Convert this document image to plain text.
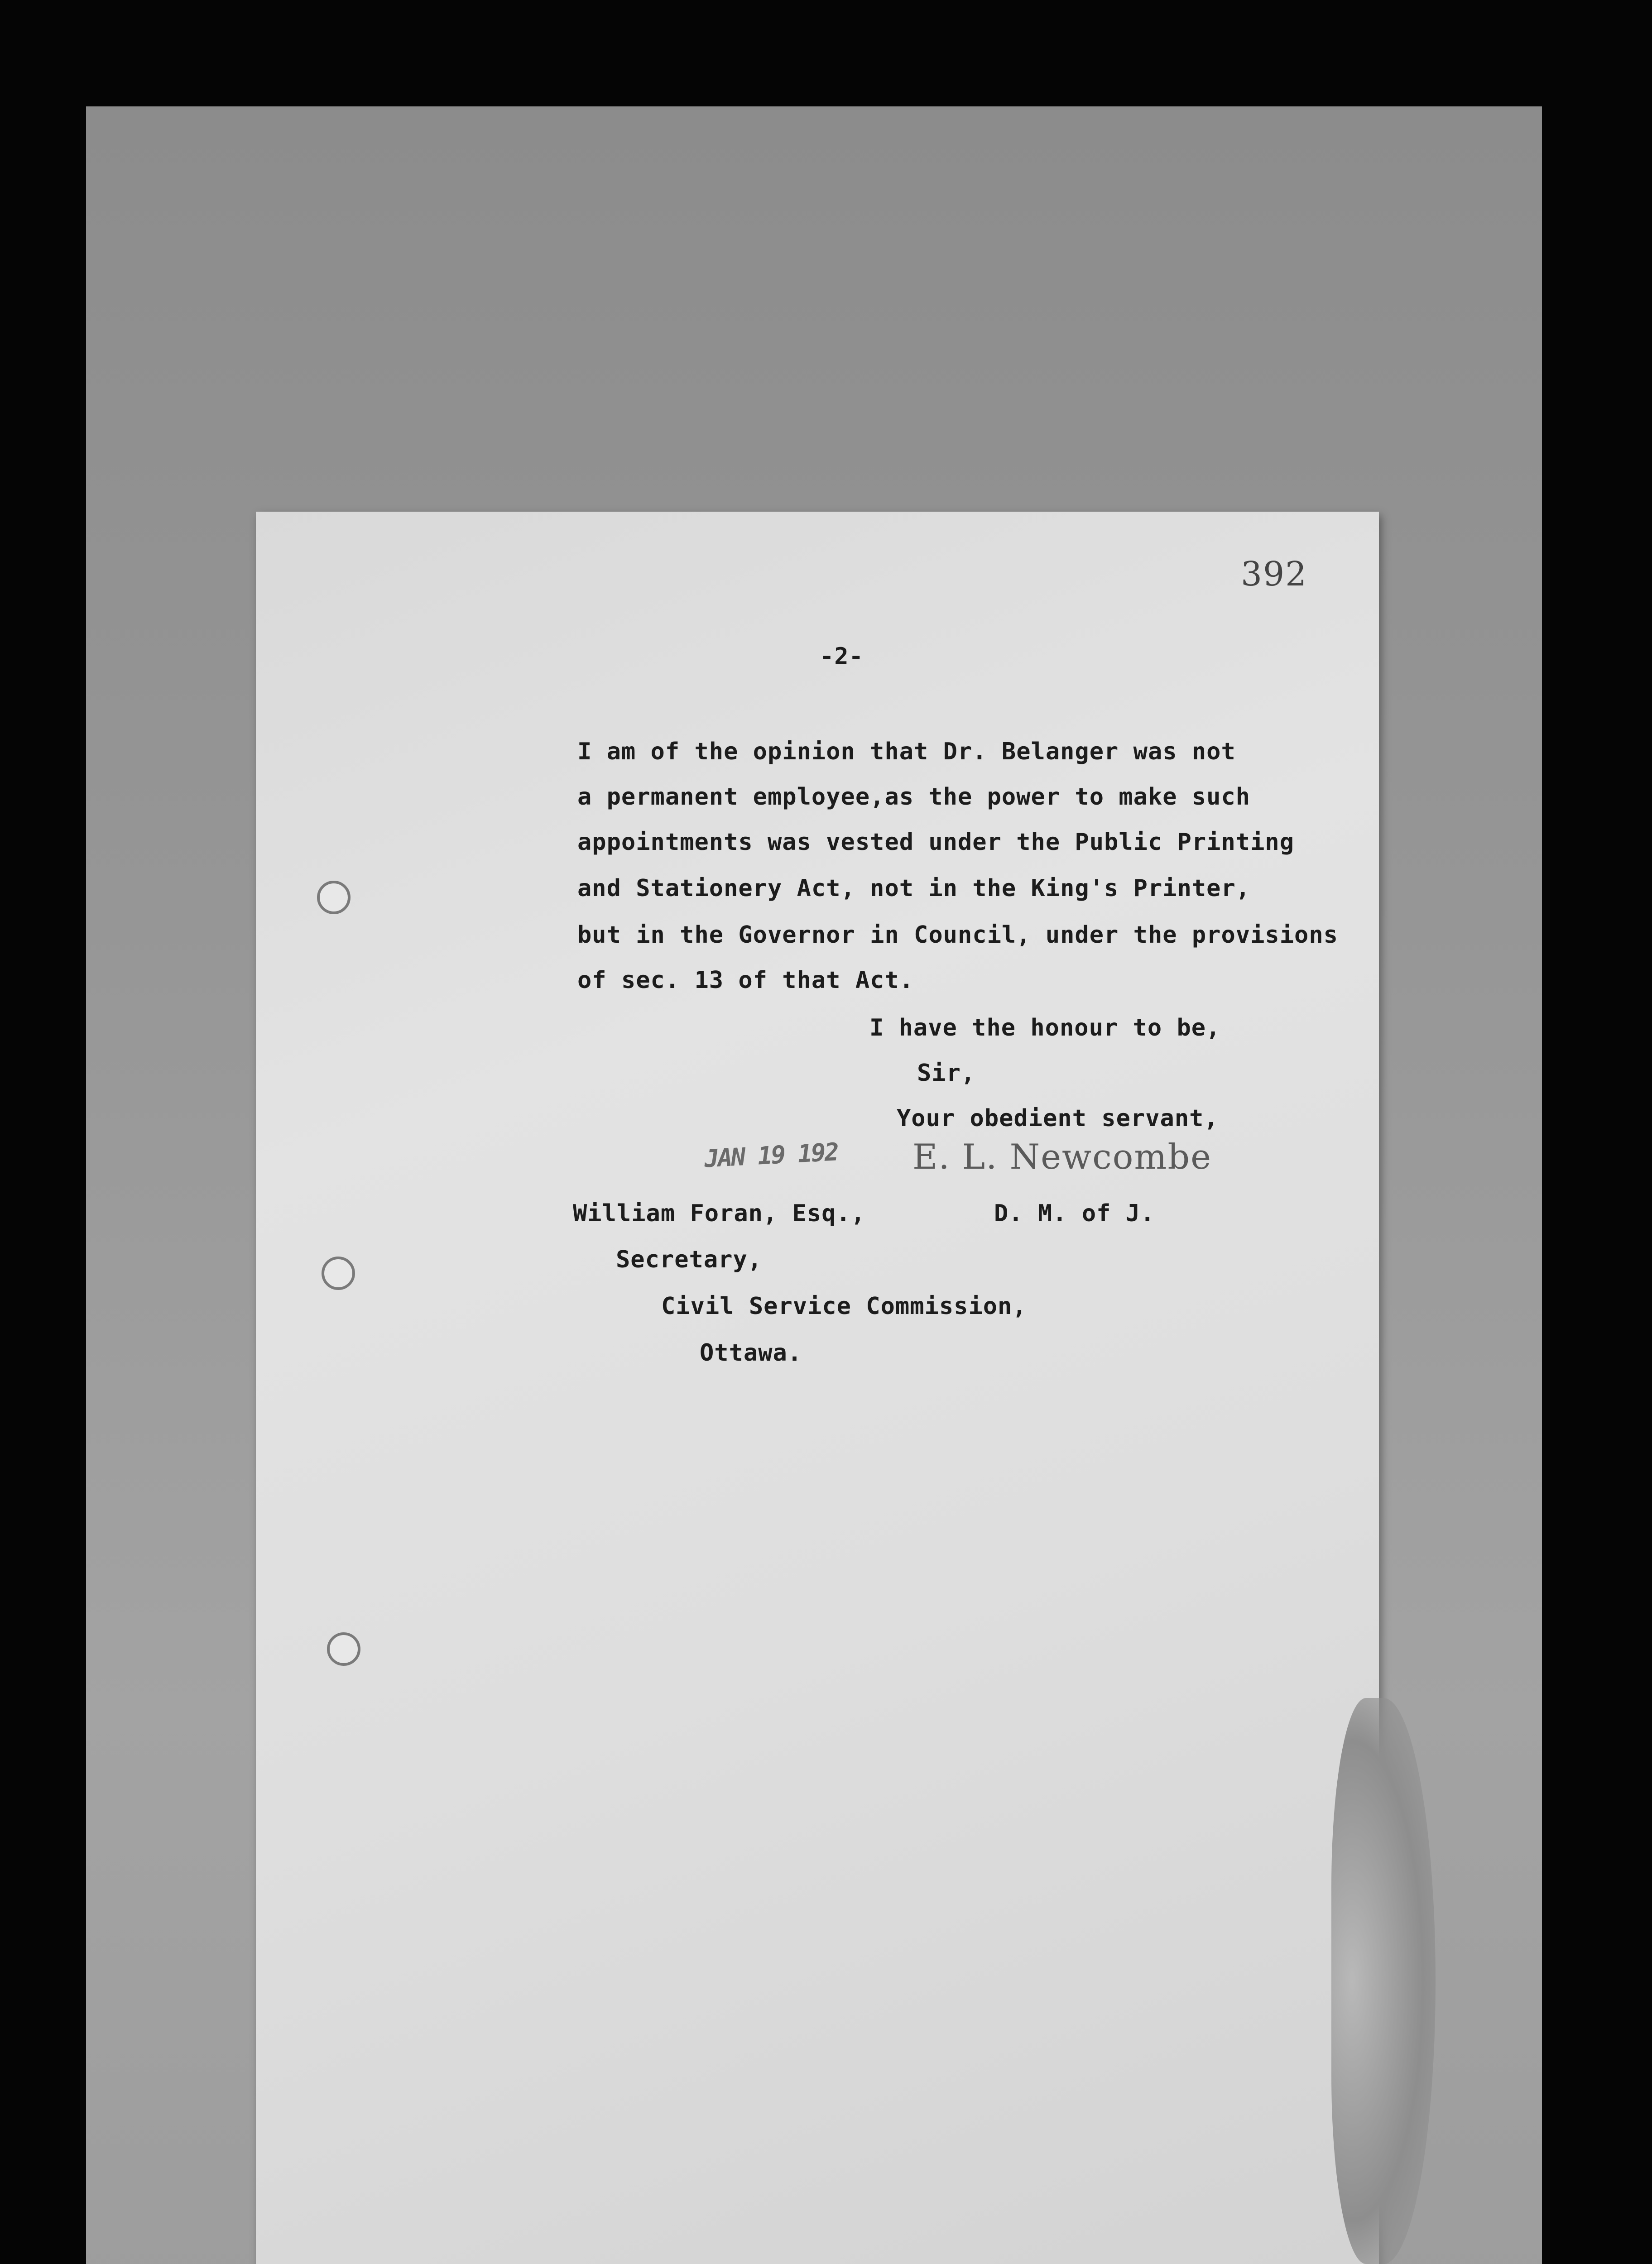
392
-2-
I am of the opinion that Dr. Belanger was not
a permanent employee,as the power to make such
appointments was vested under the Public Printing
and Stationery Act, not in the King's Printer,
but in the Governor in Council, under the provisions
of sec. 13 of that Act.
I have the honour to be,
Sir,
Your obedient servant,
JAN 19 192 E. L. Newcombe
D. M. of J.
William Foran, Esq.,
Secretary,
Civil Service Commission,
Ottawa.
